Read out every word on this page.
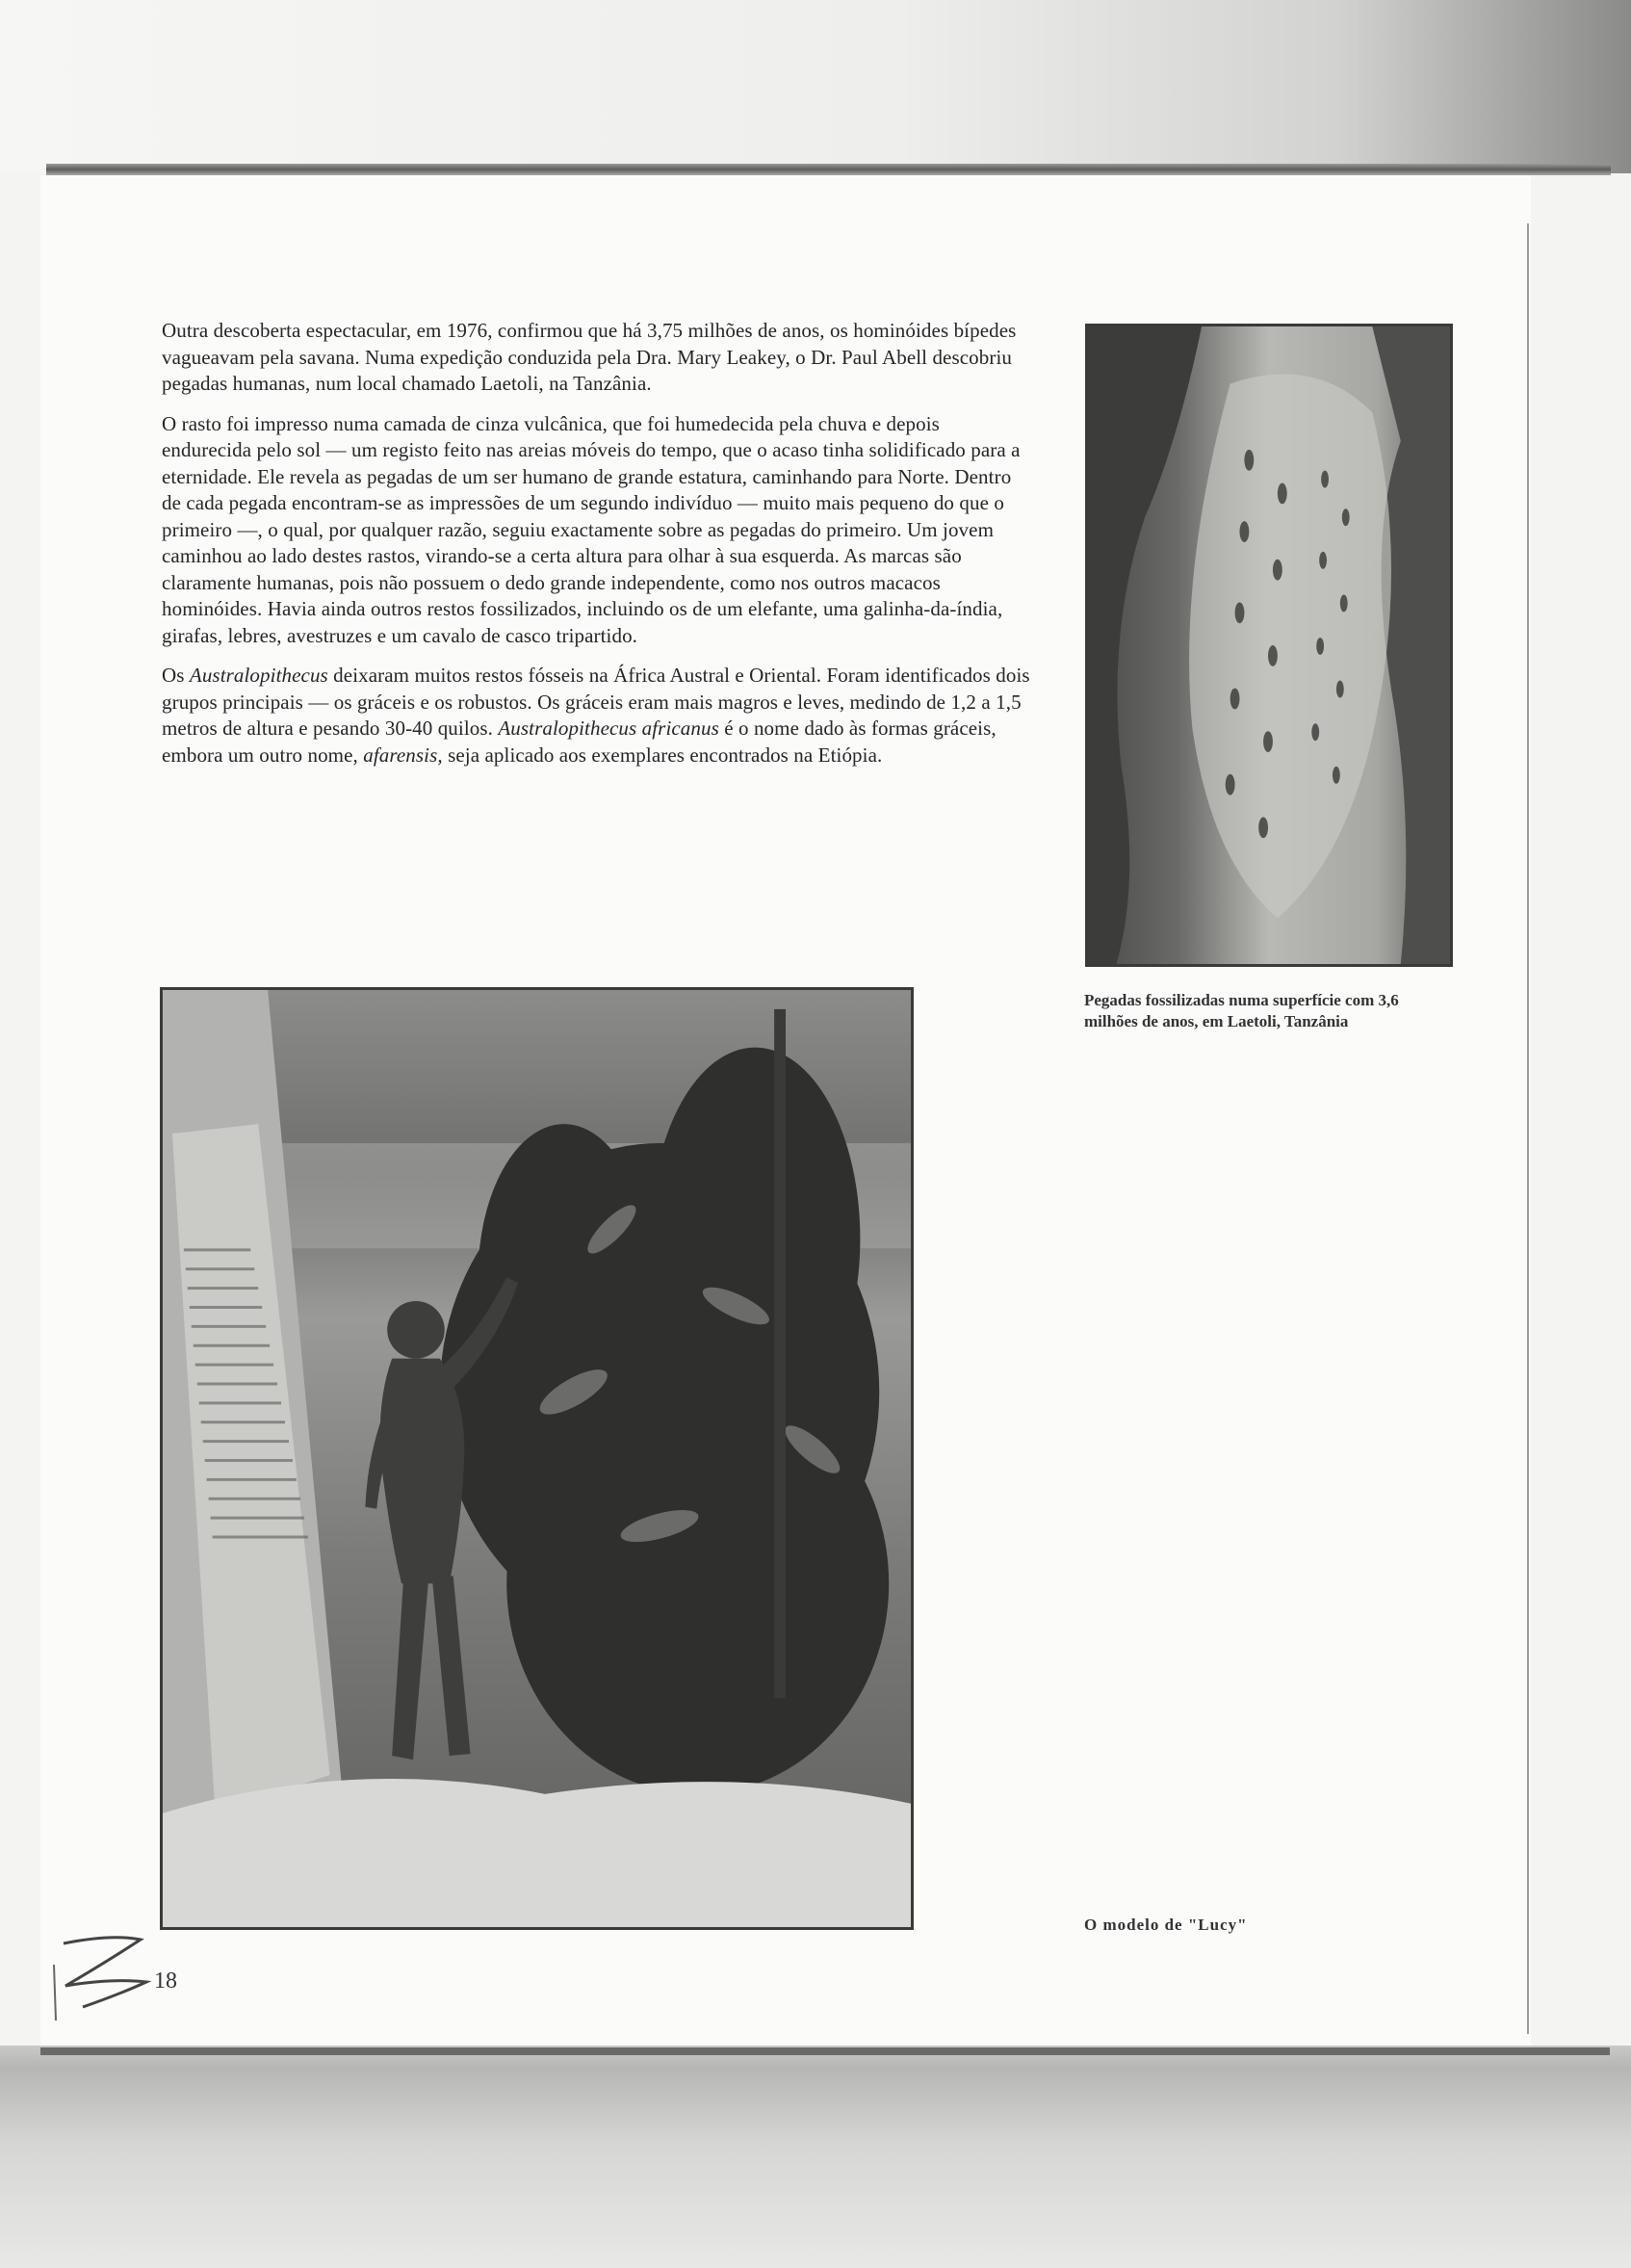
Outra descoberta espectacular, em 1976, confirmou que há 3,75 milhões de anos, os hominóides bípedes vagueavam pela savana. Numa expedição conduzida pela Dra. Mary Leakey, o Dr. Paul Abell descobriu pegadas humanas, num local chamado Laetoli, na Tanzânia.

O rasto foi impresso numa camada de cinza vulcânica, que foi humedecida pela chuva e depois endurecida pelo sol — um registo feito nas areias móveis do tempo, que o acaso tinha solidificado para a eternidade. Ele revela as pegadas de um ser humano de grande estatura, caminhando para Norte. Dentro de cada pegada encontram-se as impressões de um segundo indivíduo — muito mais pequeno do que o primeiro —, o qual, por qualquer razão, seguiu exactamente sobre as pegadas do primeiro. Um jovem caminhou ao lado destes rastos, virando-se a certa altura para olhar à sua esquerda. As marcas são claramente humanas, pois não possuem o dedo grande independente, como nos outros macacos hominóides. Havia ainda outros restos fossilizados, incluindo os de um elefante, uma galinha-da-índia, girafas, lebres, avestruzes e um cavalo de casco tripartido.

Os Australopithecus deixaram muitos restos fósseis na África Austral e Oriental. Foram identificados dois grupos principais — os gráceis e os robustos. Os gráceis eram mais magros e leves, medindo de 1,2 a 1,5 metros de altura e pesando 30-40 quilos. Australopithecus africanus é o nome dado às formas gráceis, embora um outro nome, afarensis, seja aplicado aos exemplares encontrados na Etiópia.

Pegadas fossilizadas numa superfície com 3,6 milhões de anos, em Laetoli, Tanzânia
O modelo de "Lucy"
18
